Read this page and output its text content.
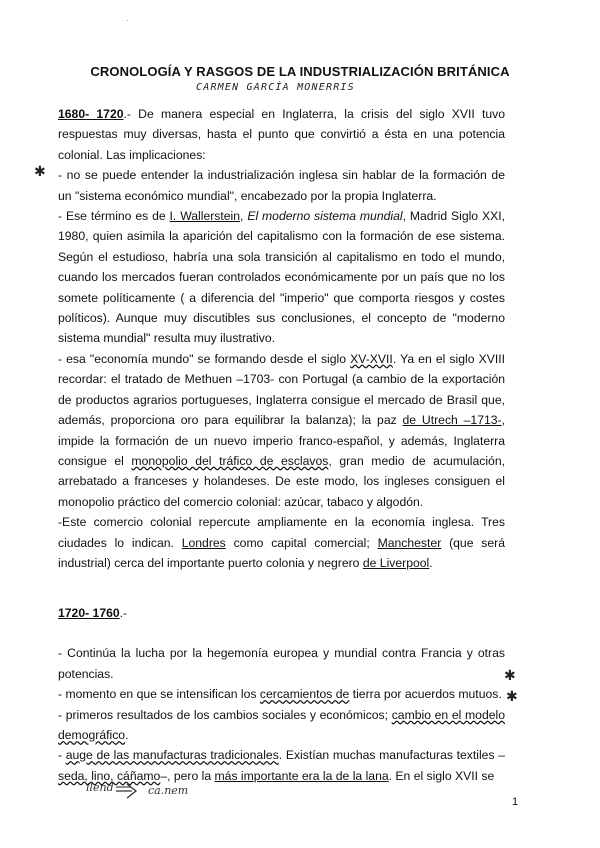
·
CRONOLOGÍA Y RASGOS DE LA INDUSTRIALIZACIÓN BRITÁNICA
CARMEN GARCÍA MONERRIS

1680- 1720.- De manera especial en Inglaterra, la crisis del siglo XVII tuvo respuestas muy diversas, hasta el punto que convirtió a ésta en una potencia colonial. Las implicaciones:

- no se puede entender la industrialización inglesa sin hablar de la formación de un "sistema económico mundial", encabezado por la propia Inglaterra.

- Ese término es de I. Wallerstein, El moderno sistema mundial, Madrid Siglo XXI, 1980, quien asimila la aparición del capitalismo con la formación de ese sistema. Según el estudioso, habría una sola transición al capitalismo en todo el mundo, cuando los mercados fueran controlados económicamente por un país que no los somete políticamente ( a diferencia del "imperio" que comporta riesgos y costes políticos). Aunque muy discutibles sus conclusiones, el concepto de "moderno sistema mundial" resulta muy ilustrativo.

- esa "economía mundo" se formando desde el siglo XV-XVII. Ya en el siglo XVIII recordar: el tratado de Methuen –1703- con Portugal (a cambio de la exportación de productos agrarios portugueses, Inglaterra consigue el mercado de Brasil que, además, proporciona oro para equilibrar la balanza); la paz de Utrech –1713-, impide la formación de un nuevo imperio franco-español, y además, Inglaterra consigue el monopolio del tráfico de esclavos, gran medio de acumulación, arrebatado a franceses y holandeses. De este modo, los ingleses consiguen el monopolio práctico del comercio colonial: azúcar, tabaco y algodón.

-Este comercio colonial repercute ampliamente en la economía inglesa. Tres ciudades lo indican. Londres como capital comercial; Manchester (que será industrial) cerca del importante puerto colonia y negrero de Liverpool.

1720- 1760.-

- Continúa la lucha por la hegemonía europea y mundial contra Francia y otras potencias.

- momento en que se intensifican los cercamientos de tierra por acuerdos mutuos.

- primeros resultados de los cambios sociales y económicos; cambio en el modelo demográfico.

- auge de las manufacturas tradicionales. Existían muchas manufacturas textiles – seda, lino, cáñamo–, pero la más importante era la de la lana. En el siglo XVII se

✱
✱
✱
ilend	ca.nem
1
